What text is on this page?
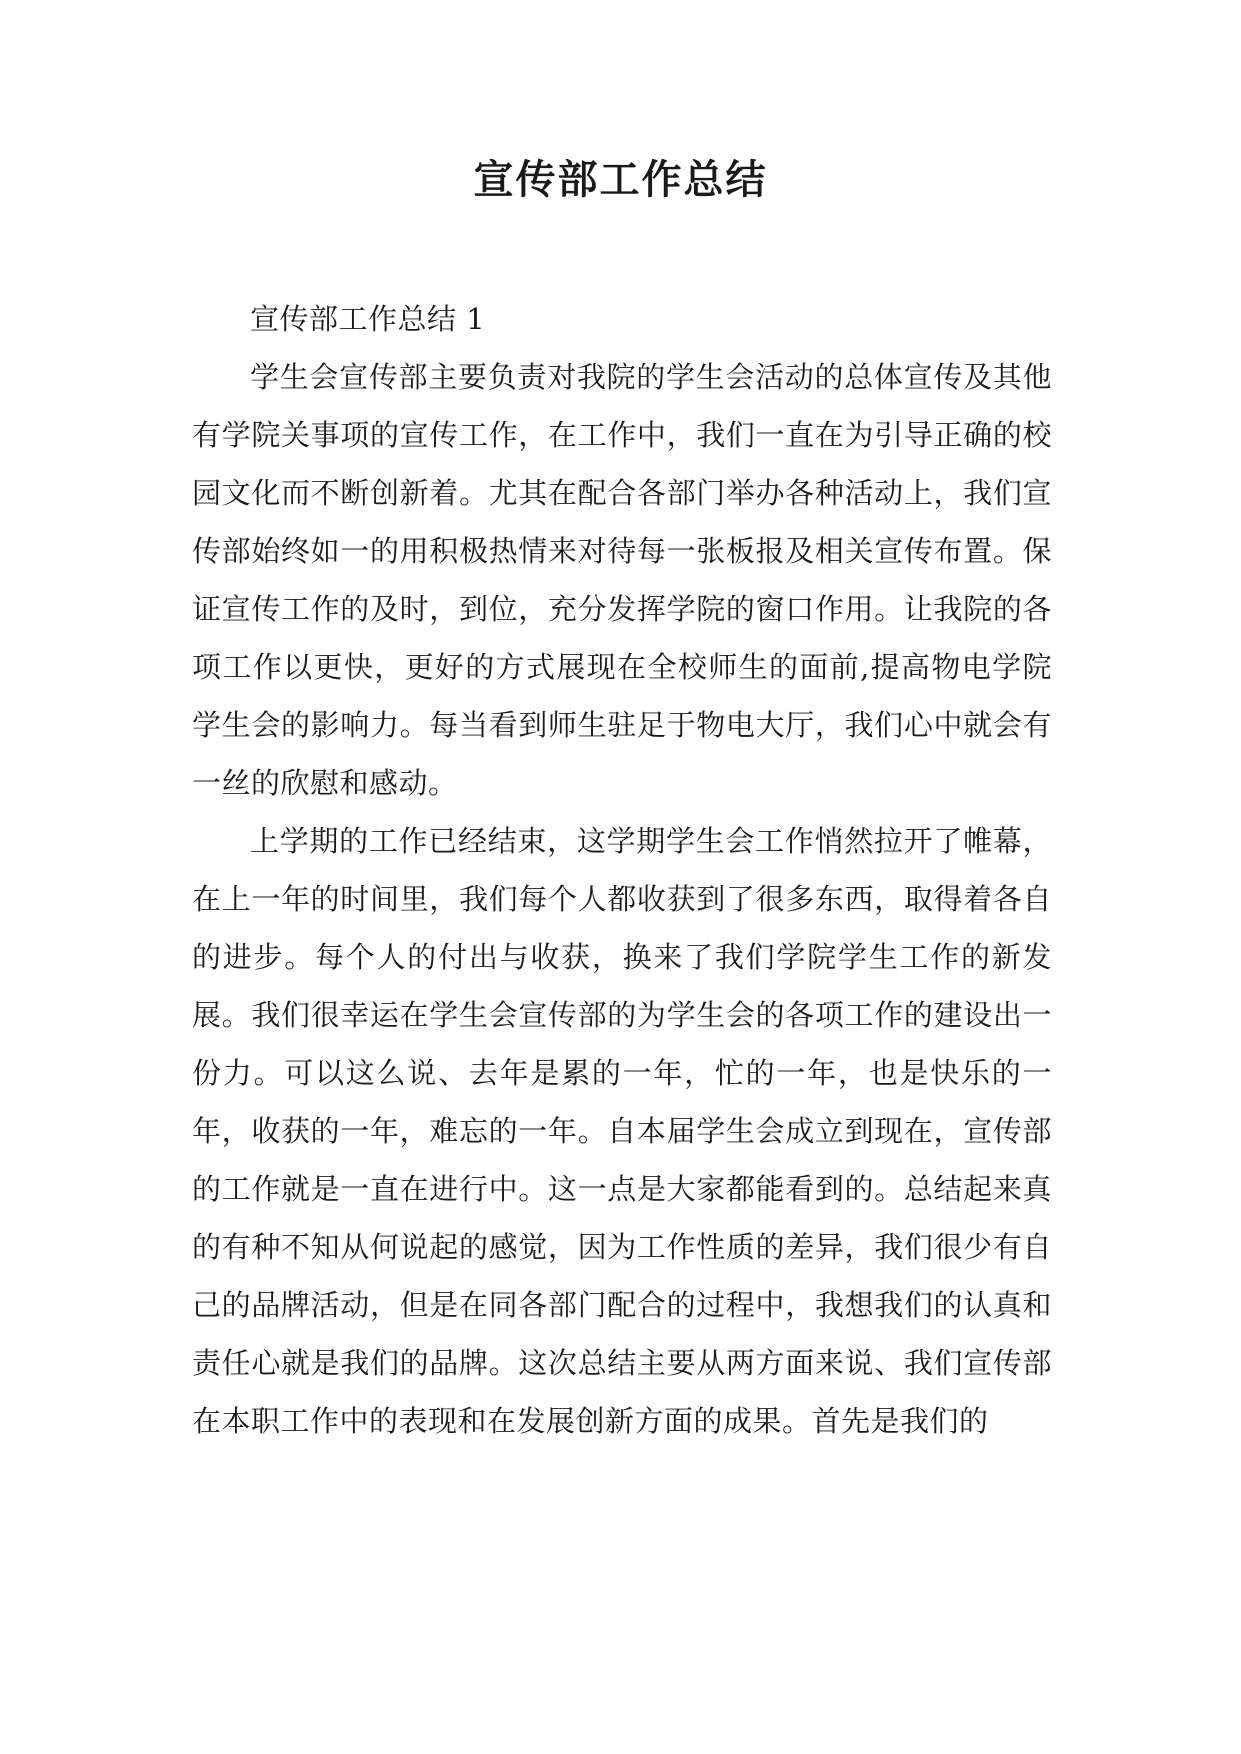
宣传部工作总结

宣传部工作总结 1

学生会宣传部主要负责对我院的学生会活动的总体宣传及其他有学院关事项的宣传工作，在工作中，我们一直在为引导正确的校园文化而不断创新着。尤其在配合各部门举办各种活动上，我们宣传部始终如一的用积极热情来对待每一张板报及相关宣传布置。保证宣传工作的及时，到位，充分发挥学院的窗口作用。让我院的各项工作以更快，更好的方式展现在全校师生的面前,提高物电学院学生会的影响力。每当看到师生驻足于物电大厅，我们心中就会有一丝的欣慰和感动。

上学期的工作已经结束，这学期学生会工作悄然拉开了帷幕，在上一年的时间里，我们每个人都收获到了很多东西，取得着各自的进步。每个人的付出与收获，换来了我们学院学生工作的新发展。我们很幸运在学生会宣传部的为学生会的各项工作的建设出一份力。可以这么说、去年是累的一年，忙的一年，也是快乐的一年，收获的一年，难忘的一年。自本届学生会成立到现在，宣传部的工作就是一直在进行中。这一点是大家都能看到的。总结起来真的有种不知从何说起的感觉，因为工作性质的差异，我们很少有自己的品牌活动，但是在同各部门配合的过程中，我想我们的认真和责任心就是我们的品牌。这次总结主要从两方面来说、我们宣传部在本职工作中的表现和在发展创新方面的成果。首先是我们的
